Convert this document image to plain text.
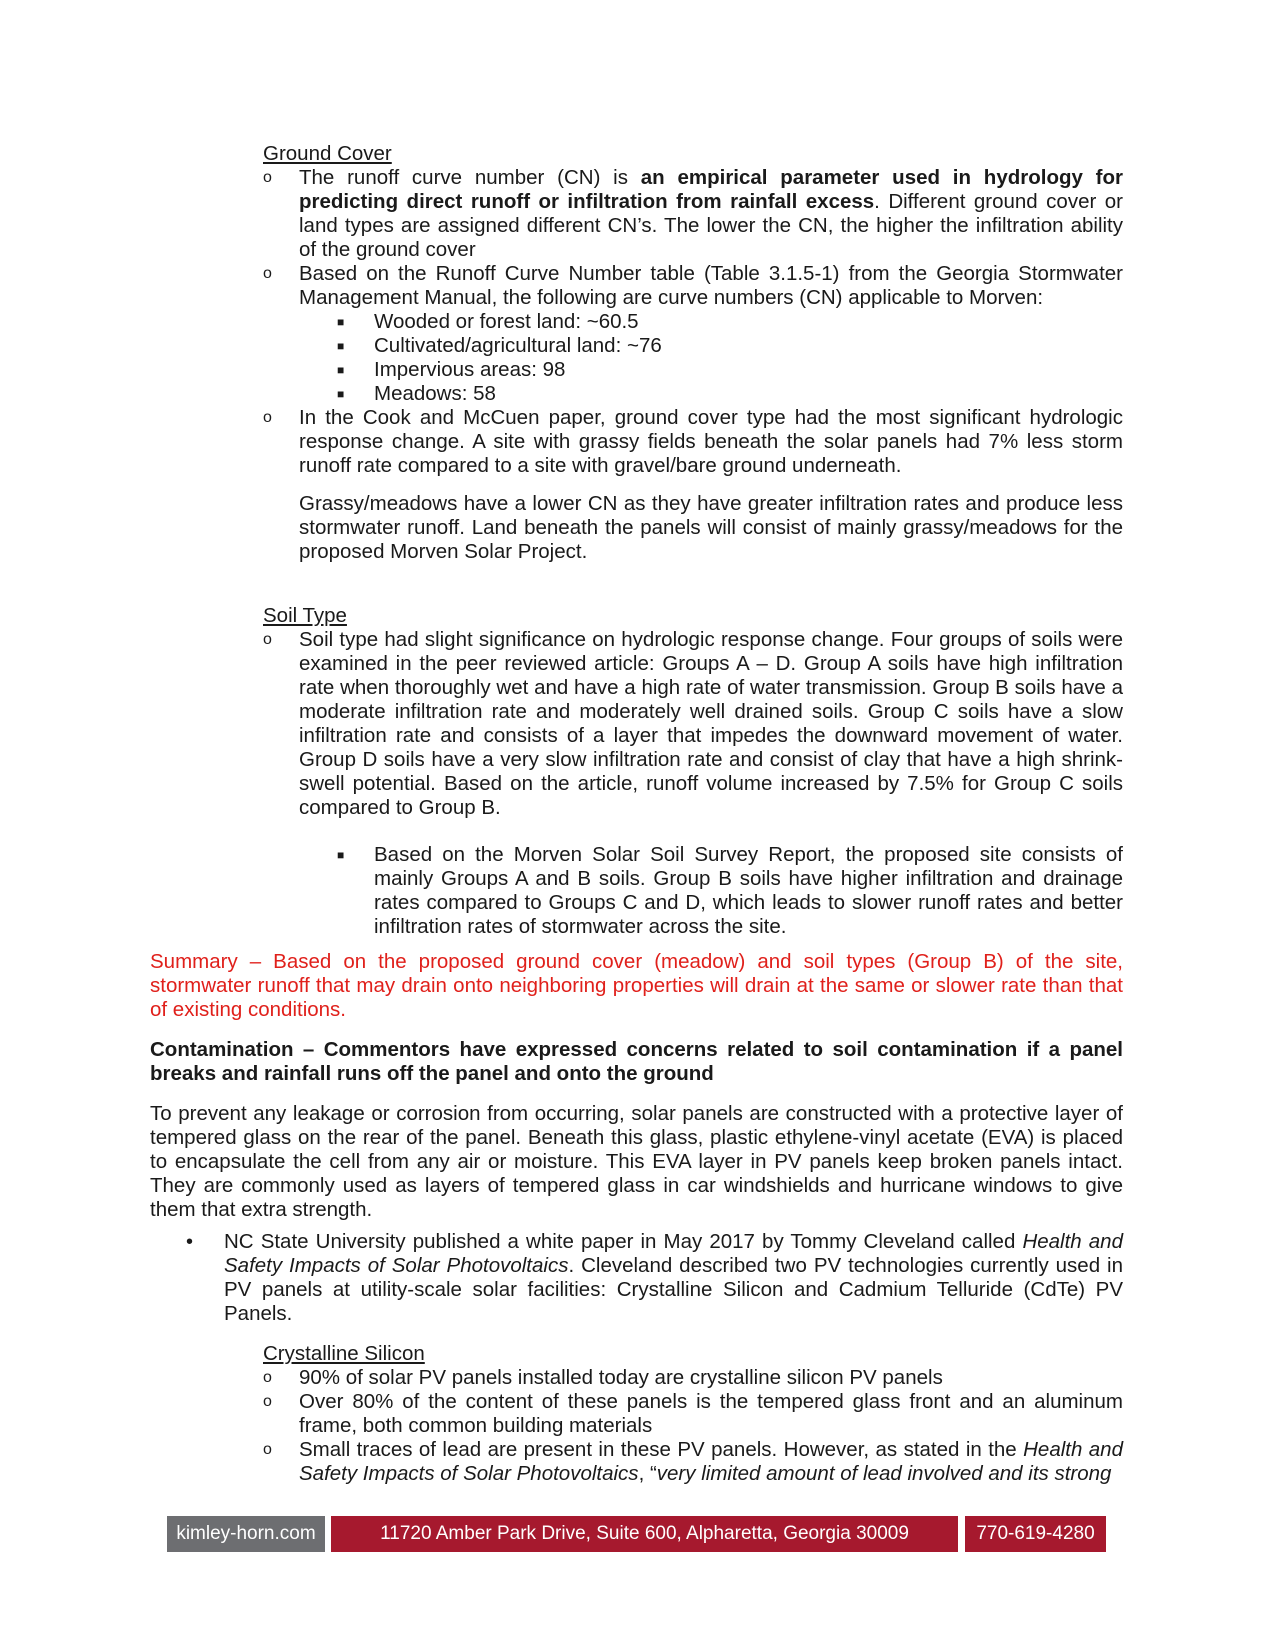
Ground Cover

o The runoff curve number (CN) is an empirical parameter used in hydrology for predicting direct runoff or infiltration from rainfall excess. Different ground cover or land types are assigned different CN’s. The lower the CN, the higher the infiltration ability of the ground cover

o Based on the Runoff Curve Number table (Table 3.1.5-1) from the Georgia Stormwater Management Manual, the following are curve numbers (CN) applicable to Morven:

■ Wooded or forest land: ~60.5

■ Cultivated/agricultural land: ~76

■ Impervious areas: 98

■ Meadows: 58

o In the Cook and McCuen paper, ground cover type had the most significant hydrologic response change. A site with grassy fields beneath the solar panels had 7% less storm runoff rate compared to a site with gravel/bare ground underneath.

Grassy/meadows have a lower CN as they have greater infiltration rates and produce less stormwater runoff. Land beneath the panels will consist of mainly grassy/meadows for the proposed Morven Solar Project.

Soil Type

o Soil type had slight significance on hydrologic response change. Four groups of soils were examined in the peer reviewed article: Groups A – D. Group A soils have high infiltration rate when thoroughly wet and have a high rate of water transmission. Group B soils have a moderate infiltration rate and moderately well drained soils. Group C soils have a slow infiltration rate and consists of a layer that impedes the downward movement of water. Group D soils have a very slow infiltration rate and consist of clay that have a high shrink-swell potential. Based on the article, runoff volume increased by 7.5% for Group C soils compared to Group B.

■ Based on the Morven Solar Soil Survey Report, the proposed site consists of mainly Groups A and B soils. Group B soils have higher infiltration and drainage rates compared to Groups C and D, which leads to slower runoff rates and better infiltration rates of stormwater across the site.

Summary – Based on the proposed ground cover (meadow) and soil types (Group B) of the site, stormwater runoff that may drain onto neighboring properties will drain at the same or slower rate than that of existing conditions.

Contamination – Commentors have expressed concerns related to soil contamination if a panel breaks and rainfall runs off the panel and onto the ground

To prevent any leakage or corrosion from occurring, solar panels are constructed with a protective layer of tempered glass on the rear of the panel. Beneath this glass, plastic ethylene-vinyl acetate (EVA) is placed to encapsulate the cell from any air or moisture. This EVA layer in PV panels keep broken panels intact. They are commonly used as layers of tempered glass in car windshields and hurricane windows to give them that extra strength.

• NC State University published a white paper in May 2017 by Tommy Cleveland called Health and Safety Impacts of Solar Photovoltaics. Cleveland described two PV technologies currently used in PV panels at utility-scale solar facilities: Crystalline Silicon and Cadmium Telluride (CdTe) PV Panels.

Crystalline Silicon

o 90% of solar PV panels installed today are crystalline silicon PV panels

o Over 80% of the content of these panels is the tempered glass front and an aluminum frame, both common building materials

o Small traces of lead are present in these PV panels. However, as stated in the Health and Safety Impacts of Solar Photovoltaics, “very limited amount of lead involved and its strong

kimley-horn.com	11720 Amber Park Drive, Suite 600, Alpharetta, Georgia 30009	770-619-4280
